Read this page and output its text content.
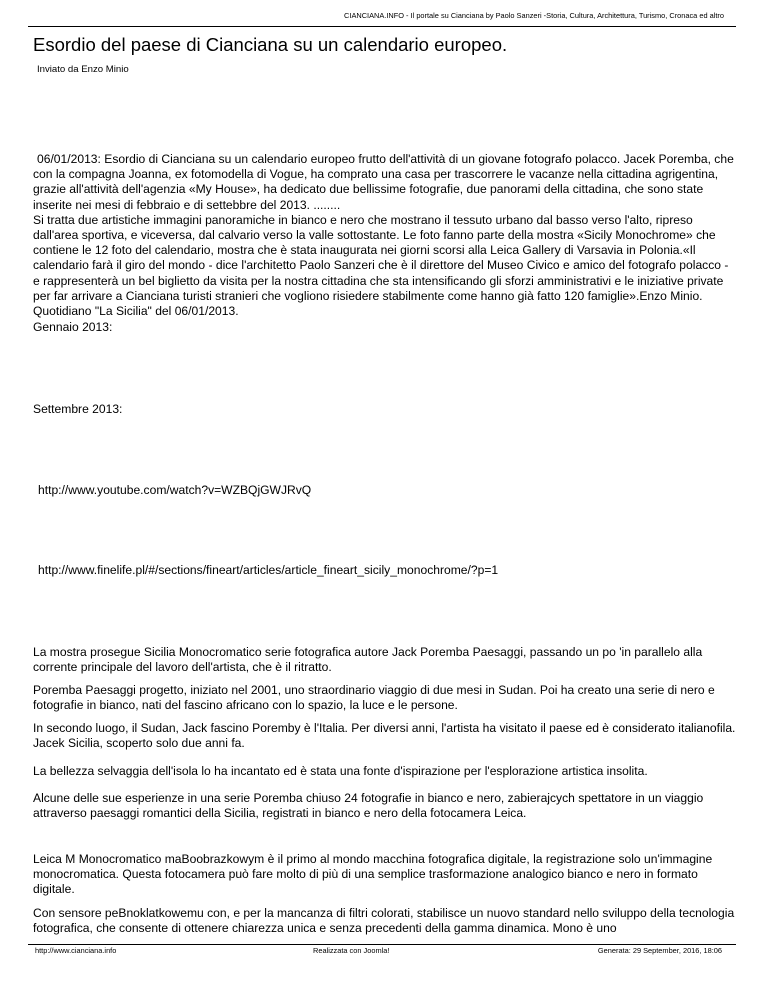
CIANCIANA.INFO - Il portale su Cianciana by Paolo Sanzeri -Storia, Cultura, Architettura, Turismo, Cronaca ed altro
Esordio del paese di Cianciana su un calendario europeo.
Inviato da Enzo Minio

06/01/2013: Esordio di Cianciana su un calendario europeo frutto dell'attività di un giovane fotografo polacco. Jacek Poremba, che con la compagna Joanna, ex fotomodella di Vogue, ha comprato una casa per trascorrere le vacanze nella cittadina agrigentina, grazie all'attività dell'agenzia «My House», ha dedicato due bellissime fotografie, due panorami della cittadina, che sono state inserite nei mesi di febbraio e di settebbre del 2013. ........
Si tratta due artistiche immagini panoramiche in bianco e nero che mostrano il tessuto urbano dal basso verso l'alto, ripreso dall'area sportiva, e viceversa, dal calvario verso la valle sottostante. Le foto fanno parte della mostra «Sicily Monochrome» che contiene le 12 foto del calendario, mostra che è stata inaugurata nei giorni scorsi alla Leica Gallery di Varsavia in Polonia.«Il calendario farà il giro del mondo - dice l'architetto Paolo Sanzeri che è il direttore del Museo Civico e amico del fotografo polacco - e rappresenterà un bel biglietto da visita per la nostra cittadina che sta intensificando gli sforzi amministrativi e le iniziative private per far arrivare a Cianciana turisti stranieri che vogliono risiedere stabilmente come hanno già fatto 120 famiglie».Enzo Minio. Quotidiano "La Sicilia" del 06/01/2013.

Gennaio 2013:

Settembre 2013:

http://www.youtube.com/watch?v=WZBQjGWJRvQ

http://www.finelife.pl/#/sections/fineart/articles/article_fineart_sicily_monochrome/?p=1

La mostra prosegue Sicilia Monocromatico serie fotografica autore Jack Poremba Paesaggi, passando un po 'in parallelo alla corrente principale del lavoro dell'artista, che è il ritratto.

Poremba Paesaggi progetto, iniziato nel 2001, uno straordinario viaggio di due mesi in Sudan. Poi ha creato una serie di nero e fotografie in bianco, nati del fascino africano con lo spazio, la luce e le persone.

In secondo luogo, il Sudan, Jack fascino Poremby è l'Italia. Per diversi anni, l'artista ha visitato il paese ed è considerato italianofila. Jacek Sicilia, scoperto solo due anni fa.

La bellezza selvaggia dell'isola lo ha incantato ed è stata una fonte d'ispirazione per l'esplorazione artistica insolita.

Alcune delle sue esperienze in una serie Poremba chiuso 24 fotografie in bianco e nero, zabierajcych spettatore in un viaggio attraverso paesaggi romantici della Sicilia, registrati in bianco e nero della fotocamera Leica.

Leica M Monocromatico maBoobrazkowym è il primo al mondo macchina fotografica digitale, la registrazione solo un'immagine monocromatica. Questa fotocamera può fare molto di più di una semplice trasformazione analogico bianco e nero in formato digitale.

Con sensore peBnoklatkowemu con, e per la mancanza di filtri colorati, stabilisce un nuovo standard nello sviluppo della tecnologia fotografica, che consente di ottenere chiarezza unica e senza precedenti della gamma dinamica. Mono è uno

http://www.cianciana.info	Realizzata con Joomla!	Generata: 29 September, 2016, 18:06
